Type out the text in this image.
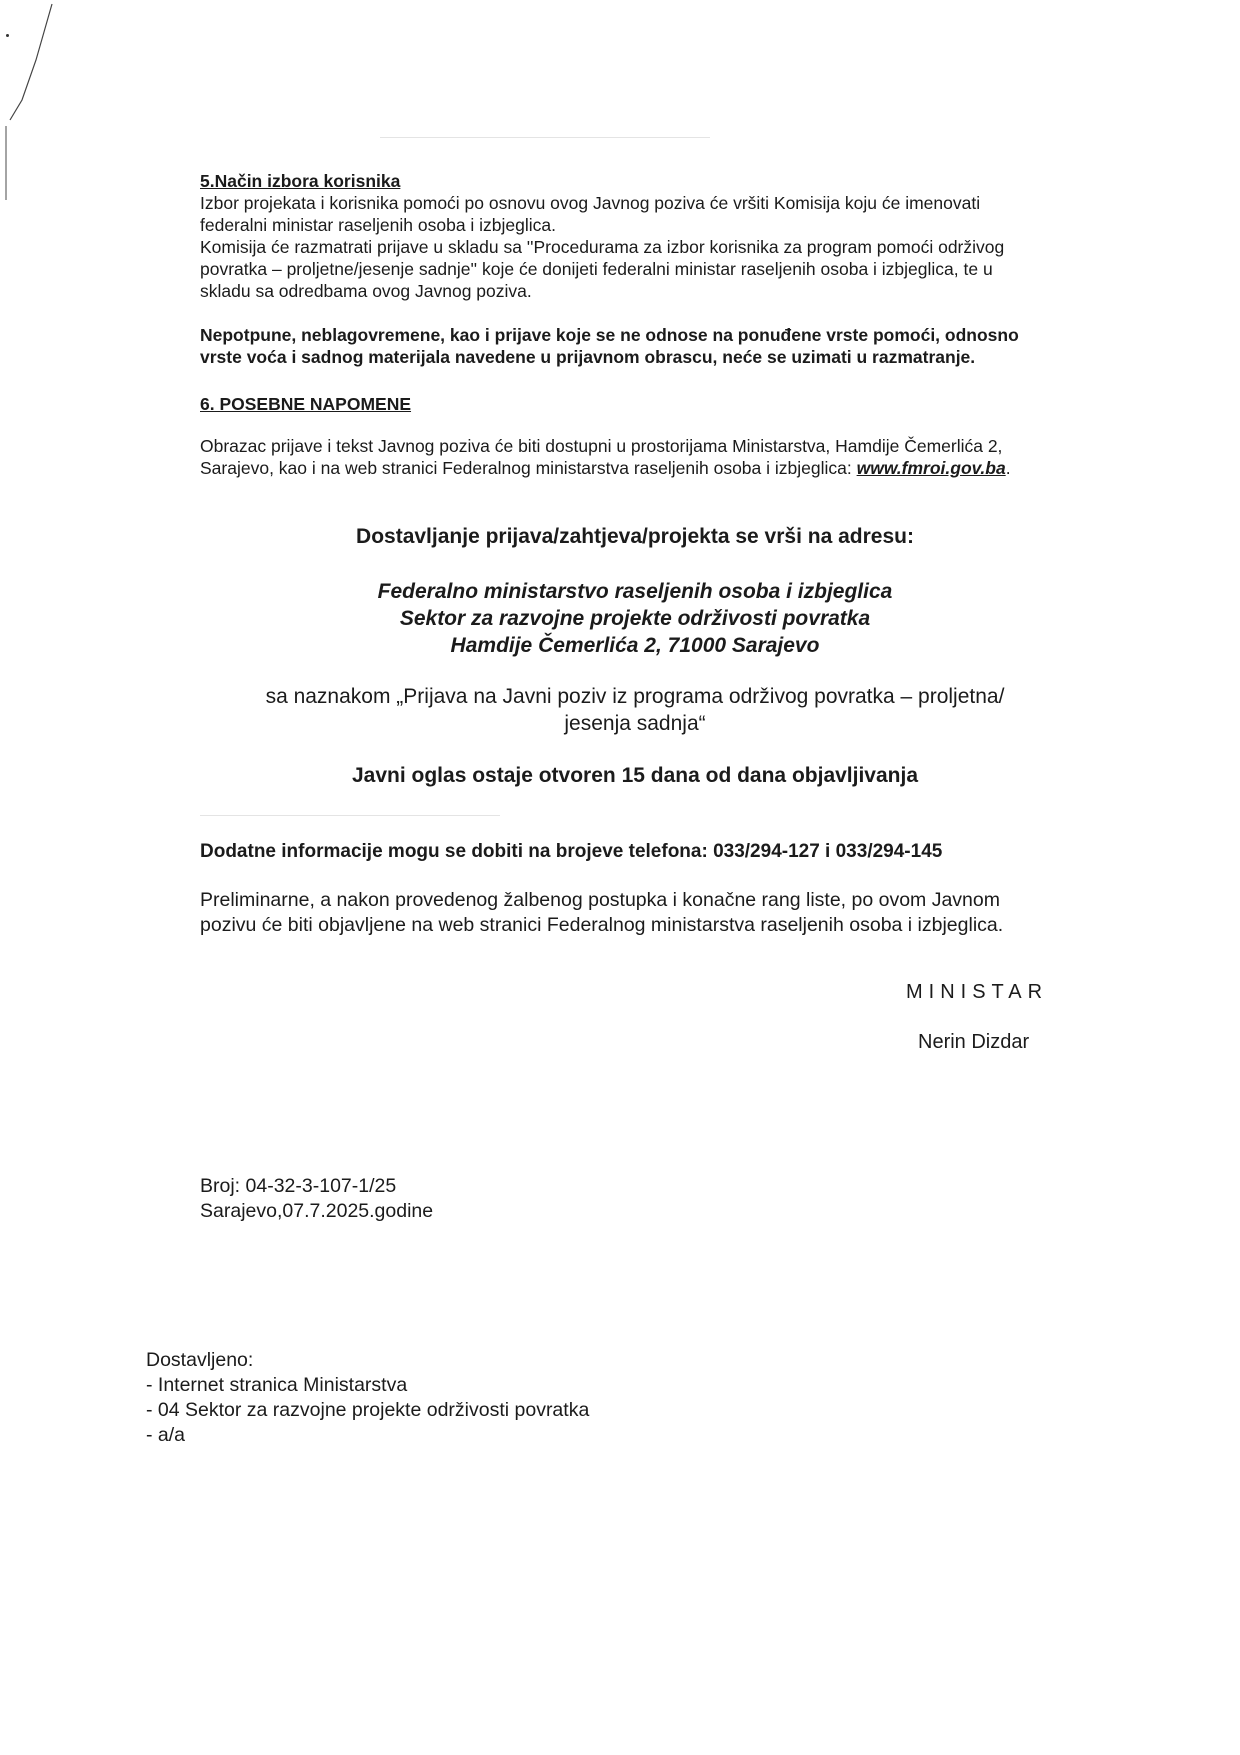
5.Način izbora korisnika

Izbor projekata i korisnika pomoći po osnovu ovog Javnog poziva će vršiti Komisija koju će imenovati

federalni ministar raseljenih osoba i izbjeglica.

Komisija će razmatrati prijave u skladu sa ''Procedurama za izbor korisnika za program pomoći održivog

povratka – proljetne/jesenje sadnje'' koje će donijeti federalni ministar raseljenih osoba i izbjeglica, te u

skladu sa odredbama ovog Javnog poziva.

Nepotpune, neblagovremene, kao i prijave koje se ne odnose na ponuđene vrste pomoći, odnosno

vrste voća i sadnog materijala navedene u prijavnom obrascu, neće se uzimati u razmatranje.

6. POSEBNE NAPOMENE

Obrazac prijave i tekst Javnog poziva će biti dostupni u prostorijama Ministarstva, Hamdije Čemerlića 2,

Sarajevo, kao i na web stranici Federalnog ministarstva raseljenih osoba i izbjeglica: www.fmroi.gov.ba.

Dostavljanje prijava/zahtjeva/projekta se vrši na adresu:
Federalno ministarstvo raseljenih osoba i izbjeglica
Sektor za razvojne projekte održivosti povratka
Hamdije Čemerlića 2, 71000 Sarajevo
sa naznakom „Prijava na Javni poziv iz programa održivog povratka – proljetna/
jesenja sadnja“
Javni oglas ostaje otvoren 15 dana od dana objavljivanja
Dodatne informacije mogu se dobiti na brojeve telefona: 033/294-127 i 033/294-145
Preliminarne, a nakon provedenog žalbenog postupka i konačne rang liste, po ovom Javnom
pozivu će biti objavljene na web stranici Federalnog ministarstva raseljenih osoba i izbjeglica.
MINISTAR
Nerin Dizdar
Broj: 04-32-3-107-1/25
Sarajevo,07.7.2025.godine
Dostavljeno:
- Internet stranica Ministarstva
- 04 Sektor za razvojne projekte održivosti povratka
- a/a
